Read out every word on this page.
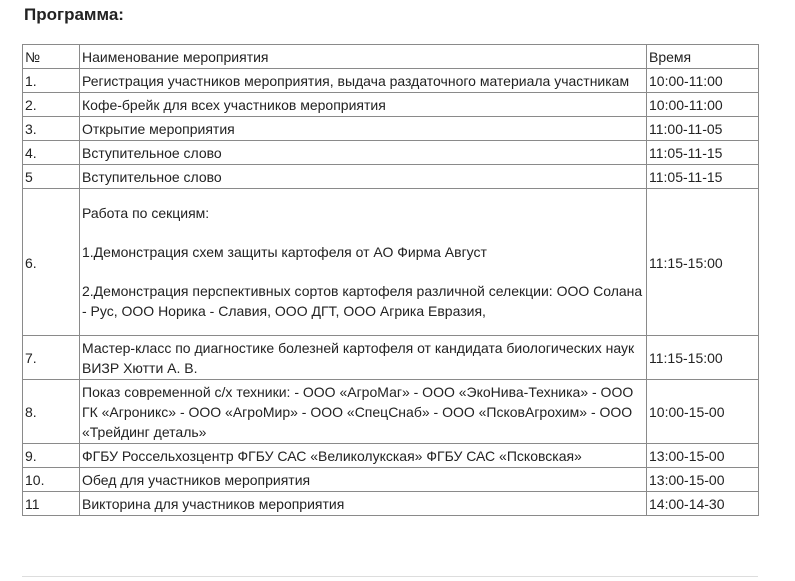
Программа:
№	Наименование мероприятия	Время
1.	Регистрация участников мероприятия, выдача раздаточного материала участникам	10:00-11:00
2.	Кофе-брейк для всех участников мероприятия	10:00-11:00
3.	Открытие мероприятия	11:00-11-05
4.	Вступительное слово	11:05-11-15
5	Вступительное слово	11:05-11-15
6.	Работа по секциям:

1.Демонстрация схем защиты картофеля от АО Фирма Август

2.Демонстрация перспективных сортов картофеля различной селекции: ООО Солана - Рус, ООО Норика - Славия, ООО ДГТ, ООО Агрика Евразия,	11:15-15:00
7.	Мастер-класс по диагностике болезней картофеля от кандидата биологических наук ВИЗР Хютти А. В.	11:15-15:00
8.	Показ современной с/х техники: - ООО «АгроМаг» - ООО «ЭкоНива-Техника» - ООО ГК «Агроникс» - ООО «АгроМир» - ООО «СпецСнаб» - ООО «ПсковАгрохим» - ООО «Трейдинг деталь»	10:00-15-00
9.	ФГБУ Россельхозцентр ФГБУ САС «Великолукская» ФГБУ САС «Псковская»	13:00-15-00
10.	Обед для участников мероприятия	13:00-15-00
11	Викторина для участников мероприятия	14:00-14-30
